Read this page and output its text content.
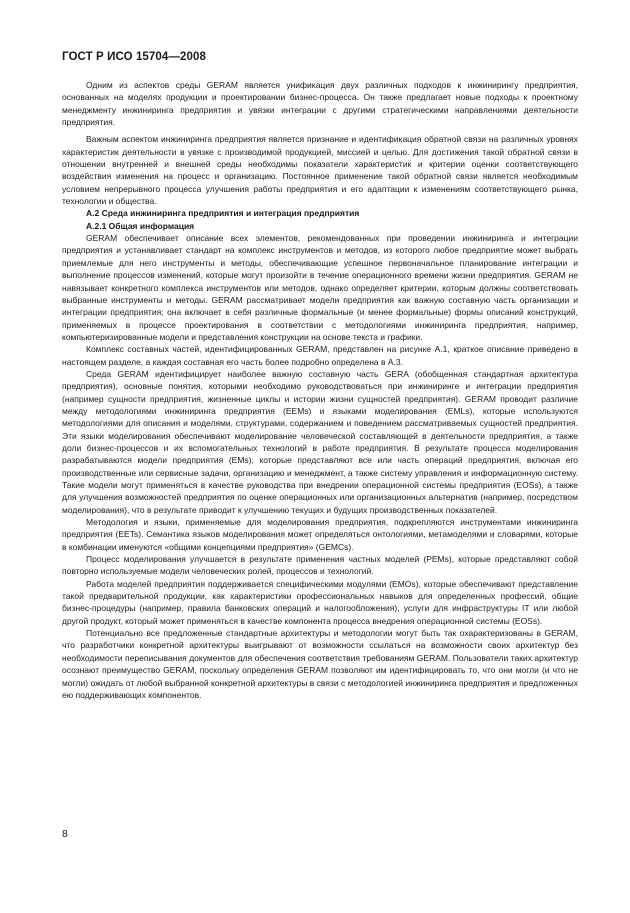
ГОСТ Р ИСО 15704—2008

Одним из аспектов среды GERAM является унификация двух различных подходов к инжинирингу предприятия, основанных на моделях продукции и проектировании бизнес-процесса. Он также предлагает новые подходы к проектному менеджменту инжиниринга предприятия и увязки интеграции с другими стратегическими направлениями деятельности предприятия.

Важным аспектом инжиниринга предприятия является признание и идентификация обратной связи на различных уровнях характеристик деятельности в увязке с производимой продукцией, миссией и целью. Для достижения такой обратной связи в отношении внутренней и внешней среды необходимы показатели характеристик и критерии оценки соответствующего воздействия изменения на процесс и организацию. Постоянное применение такой обратной связи является необходимым условием непрерывного процесса улучшения работы предприятия и его адаптации к изменениям соответствующего рынка, технологии и общества.

А.2 Среда инжиниринга предприятия и интеграция предприятия

А.2.1 Общая информация

GERAM обеспечивает описание всех элементов, рекомендованных при проведении инжиниринга и интеграции предприятия и устанавливает стандарт на комплекс инструментов и методов, из которого любое предприятие может выбрать приемлемые для него инструменты и методы, обеспечивающие успешное первоначальное планирование интеграции и выполнение процессов изменений, которые могут произойти в течение операционного времени жизни предприятия. GERAM не навязывает конкретного комплекса инструментов или методов, однако определяет критерии, которым должны соответствовать выбранные инструменты и методы. GERAM рассматривает модели предприятия как важную составную часть организации и интеграции предприятия; она включает в себя различные формальные (и менее формальные) формы описаний конструкций, применяемых в процессе проектирования в соответствии с методологиями инжиниринга предприятия, например, компьютеризированные модели и представления конструкции на основе текста и графики.

Комплекс составных частей, идентифицированных GERAM, представлен на рисунке А.1, краткое описание приведено в настоящем разделе, а каждая составная его часть более подробно определена в А.3.

Среда GERAM идентифицирует наиболее важную составную часть GERA (обобщенная стандартная архитектура предприятия), основные понятия, которыми необходимо руководствоваться при инжиниринге и интеграции предприятия (например сущности предприятия, жизненные циклы и истории жизни сущностей предприятия). GERAM проводит различие между методологиями инжиниринга предприятия (EEMs) и языками моделирования (EMLs), которые используются методологиями для описания и моделями, структурами, содержанием и поведением рассматриваемых сущностей предприятия. Эти языки моделирования обеспечивают моделирование человеческой составляющей в деятельности предприятия, а также доли бизнес-процессов и их вспомогательных технологий в работе предприятия. В результате процесса моделирования разрабатываются модели предприятия (EMs), которые представляют все или часть операций предприятия, включая его производственные или сервисные задачи, организацию и менеджмент, а также систему управления и информационную систему. Такие модели могут применяться в качестве руководства при внедрении операционной системы предприятия (EOSs), а также для улучшения возможностей предприятия по оценке операционных или организационных альтернатив (например, посредством моделирования), что в результате приводит к улучшению текущих и будущих производственных показателей.

Методология и языки, применяемые для моделирования предприятия, подкрепляются инструментами инжиниринга предприятия (EETs). Семантика языков моделирования может определяться онтологиями, метамоделями и словарями, которые в комбинации именуются «общими концепциями предприятия» (GEMCs).

Процесс моделирования улучшается в результате применения частных моделей (PEMs), которые представляют собой повторно используемые модели человеческих ролей, процессов и технологий.

Работа моделей предприятия поддерживается специфическими модулями (EMOs), которые обеспечивают представление такой предварительной продукции, как характеристики профессиональных навыков для определенных профессий, общие бизнес-процедуры (например, правила банковских операций и налогообложения), услуги для инфраструктуры IT или любой другой продукт, который может применяться в качестве компонента процесса внедрения операционной системы (EOSs).

Потенциально все предложенные стандартные архитектуры и методологии могут быть так охарактеризованы в GERAM, что разработчики конкретной архитектуры выигрывают от возможности ссылаться на возможности своих архитектур без необходимости переписывания документов для обеспечения соответствия требованиям GERAM. Пользователи таких архитектур осознают преимущество GERAM, поскольку определения GERAM позволяют им идентифицировать то, что они могли (и что не могли) ожидать от любой выбранной конкретной архитектуры в связи с методологией инжиниринга предприятия и предложенных ею поддерживающих компонентов.

8
